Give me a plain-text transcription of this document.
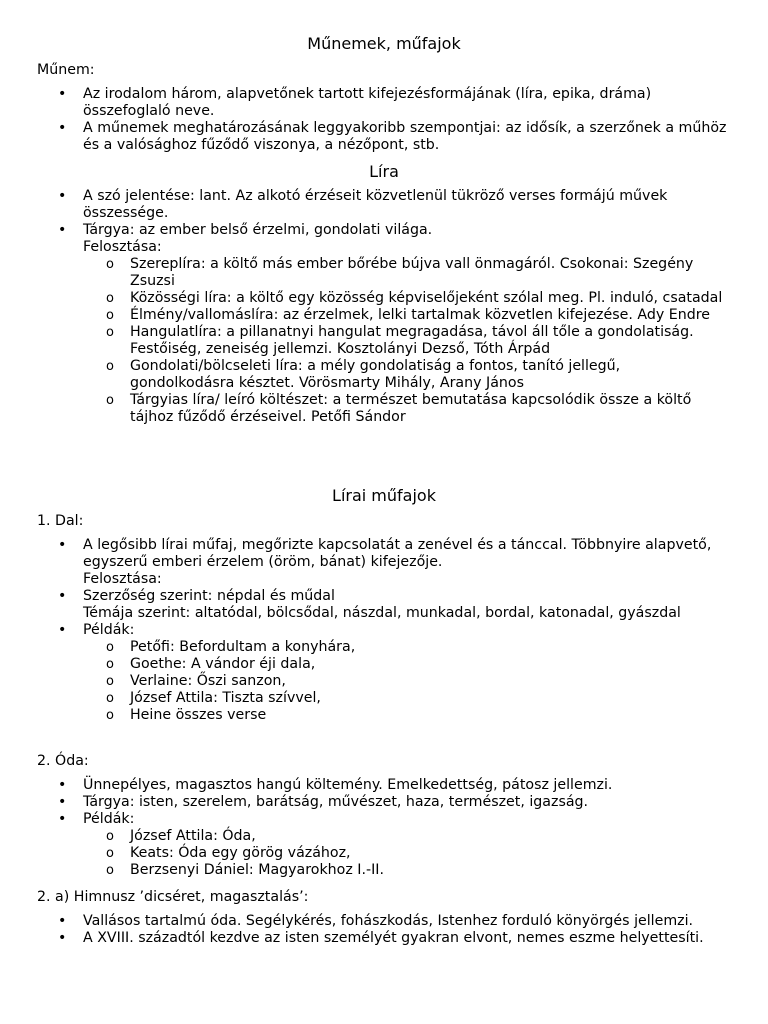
Műnemek, műfajok
Műnem:
• Az irodalom három, alapvetőnek tartott kifejezésformájának (líra, epika, dráma) összefoglaló neve.
• A műnemek meghatározásának leggyakoribb szempontjai: az idősík, a szerzőnek a műhöz és a valósághoz fűződő viszonya, a nézőpont, stb.
Líra
• A szó jelentése: lant. Az alkotó érzéseit közvetlenül tükröző verses formájú művek összessége.
• Tárgya: az ember belső érzelmi, gondolati világa.
Felosztása:
o Szereplíra: a költő más ember bőrébe bújva vall önmagáról. Csokonai: Szegény Zsuzsi
o Közösségi líra: a költő egy közösség képviselőjeként szólal meg. Pl. induló, csatadal
o Élmény/vallomáslíra: az érzelmek, lelki tartalmak közvetlen kifejezése. Ady Endre
o Hangulatlíra: a pillanatnyi hangulat megragadása, távol áll tőle a gondolatiság. Festőiség, zeneiség jellemzi. Kosztolányi Dezső, Tóth Árpád
o Gondolati/bölcseleti líra: a mély gondolatiság a fontos, tanító jellegű, gondolkodásra késztet. Vörösmarty Mihály, Arany János
o Tárgyias líra/ leíró költészet: a természet bemutatása kapcsolódik össze a költő tájhoz fűződő érzéseivel. Petőfi Sándor
Lírai műfajok
1. Dal:
• A legősibb lírai műfaj, megőrizte kapcsolatát a zenével és a tánccal. Többnyire alapvető, egyszerű emberi érzelem (öröm, bánat) kifejezője.
Felosztása:
• Szerzőség szerint: népdal és műdal
Témája szerint: altatódal, bölcsődal, nászdal, munkadal, bordal, katonadal, gyászdal
• Példák:
o Petőfi: Befordultam a konyhára,
o Goethe: A vándor éji dala,
o Verlaine: Őszi sanzon,
o József Attila: Tiszta szívvel,
o Heine összes verse
2. Óda:
• Ünnepélyes, magasztos hangú költemény. Emelkedettség, pátosz jellemzi.
• Tárgya: isten, szerelem, barátság, művészet, haza, természet, igazság.
• Példák:
o József Attila: Óda,
o Keats: Óda egy görög vázához,
o Berzsenyi Dániel: Magyarokhoz I.-II.
2. a) Himnusz ’dicséret, magasztalás’:
• Vallásos tartalmú óda. Segélykérés, fohászkodás, Istenhez forduló könyörgés jellemzi.
• A XVIII. századtól kezdve az isten személyét gyakran elvont, nemes eszme helyettesíti.
